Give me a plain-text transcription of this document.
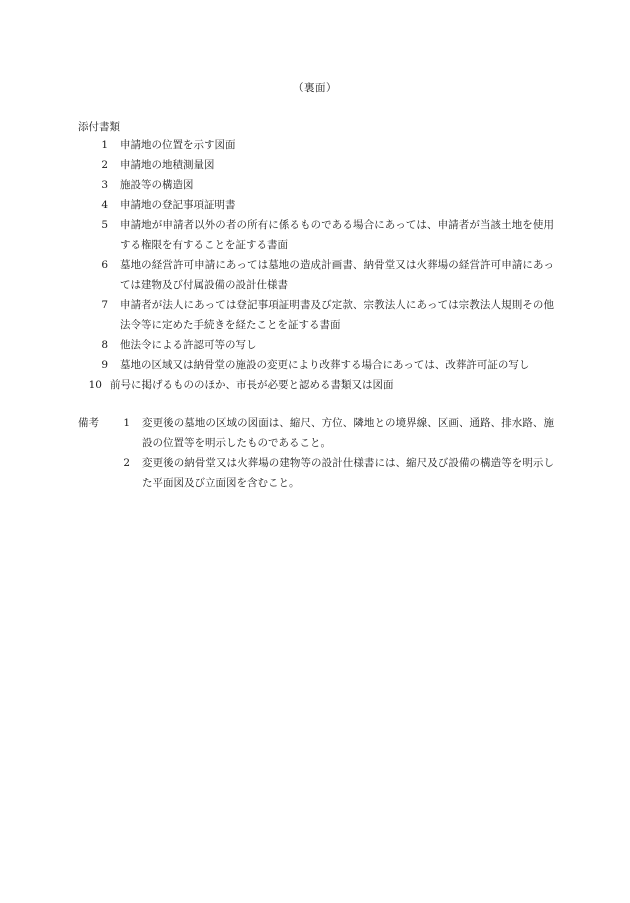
（裏面）
添付書類
1	申請地の位置を示す図面
2	申請地の地積測量図
3	施設等の構造図
4	申請地の登記事項証明書
5	申請地が申請者以外の者の所有に係るものである場合にあっては、申請者が当該土地を使用する権限を有することを証する書面
6	墓地の経営許可申請にあっては墓地の造成計画書、納骨堂又は火葬場の経営許可申請にあっては建物及び付属設備の設計仕様書
7	申請者が法人にあっては登記事項証明書及び定款、宗教法人にあっては宗教法人規則その他法令等に定めた手続きを経たことを証する書面
8	他法令による許認可等の写し
9	墓地の区域又は納骨堂の施設の変更により改葬する場合にあっては、改葬許可証の写し
10 前号に掲げるもののほか、市長が必要と認める書類又は図面
備考	1	変更後の墓地の区域の図面は、縮尺、方位、隣地との境界線、区画、通路、排水路、施設の位置等を明示したものであること。
2	変更後の納骨堂又は火葬場の建物等の設計仕様書には、縮尺及び設備の構造等を明示した平面図及び立面図を含むこと。
